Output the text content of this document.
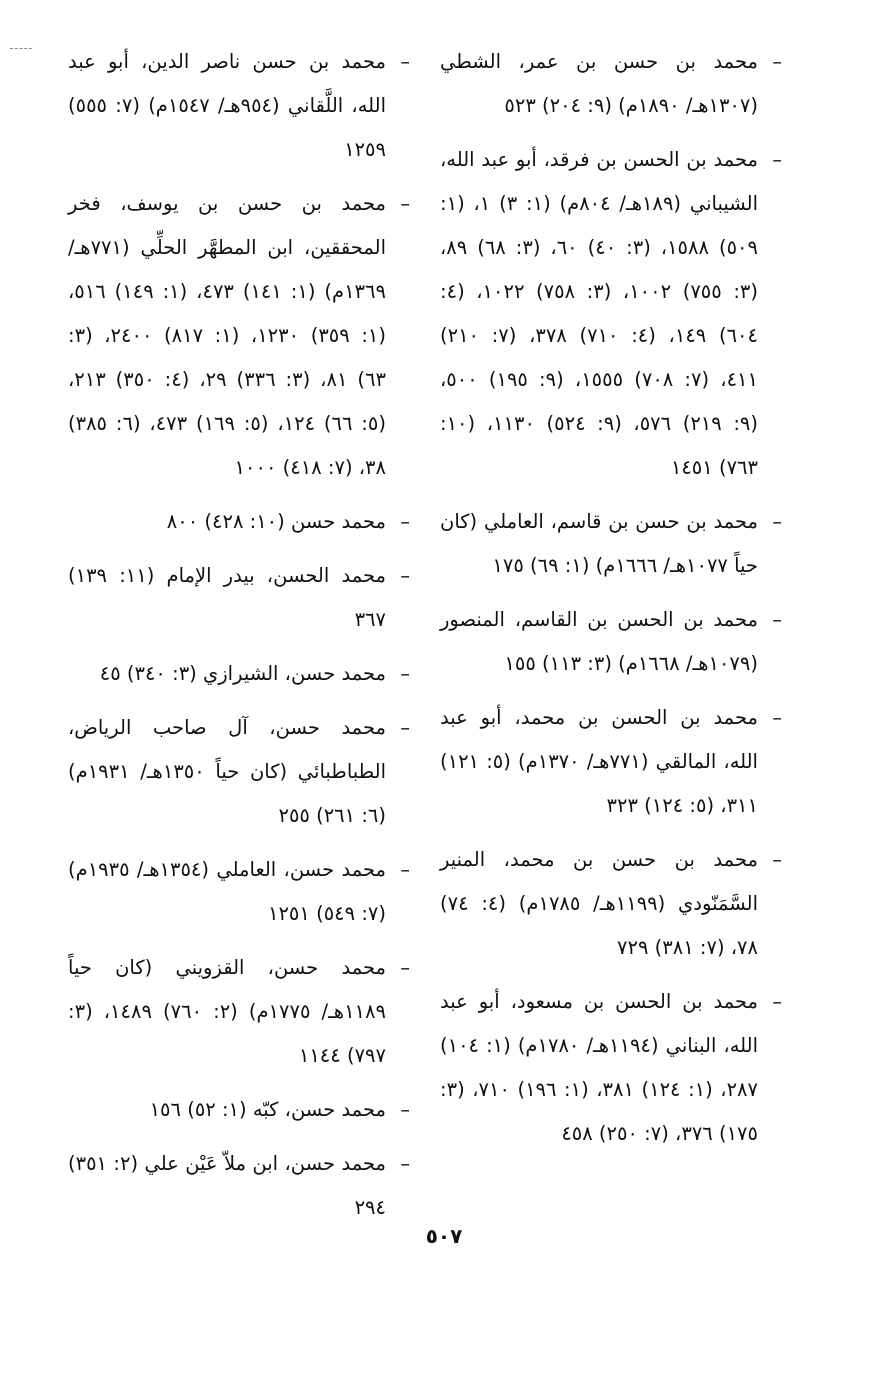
– محمد بن حسن بن عمر، الشطي (١٣٠٧هـ/ ١٨٩٠م) (٩: ٢٠٤) ٥٢٣
– محمد بن الحسن بن فرقد، أبو عبد الله، الشيباني (١٨٩هـ/ ٨٠٤م) (١: ٣) ١، (١: ٥٠٩) ١٥٨٨، (٣: ٤٠) ٦٠، (٣: ٦٨) ٨٩، (٣: ٧٥٥) ١٠٠٢، (٣: ٧٥٨) ١٠٢٢، (٤: ٦٠٤) ١٤٩، (٤: ٧١٠) ٣٧٨، (٧: ٢١٠) ٤١١، (٧: ٧٠٨) ١٥٥٥، (٩: ١٩٥) ٥٠٠، (٩: ٢١٩) ٥٧٦، (٩: ٥٢٤) ١١٣٠، (١٠: ٧٦٣) ١٤٥١
– محمد بن حسن بن قاسم، العاملي (كان حياً ١٠٧٧هـ/ ١٦٦٦م) (١: ٦٩) ١٧٥
– محمد بن الحسن بن القاسم، المنصور (١٠٧٩هـ/ ١٦٦٨م) (٣: ١١٣) ١٥٥
– محمد بن الحسن بن محمد، أبو عبد الله، المالقي (٧٧١هـ/ ١٣٧٠م) (٥: ١٢١) ٣١١، (٥: ١٢٤) ٣٢٣
– محمد بن حسن بن محمد، المنير السَّمَنّودي (١١٩٩هـ/ ١٧٨٥م) (٤: ٧٤) ٧٨، (٧: ٣٨١) ٧٢٩
– محمد بن الحسن بن مسعود، أبو عبد الله، البناني (١١٩٤هـ/ ١٧٨٠م) (١: ١٠٤) ٢٨٧، (١: ١٢٤) ٣٨١، (١: ١٩٦) ٧١٠، (٣: ١٧٥) ٣٧٦، (٧: ٢٥٠) ٤٥٨
– محمد بن حسن ناصر الدين، أبو عبد الله، اللَّقاني (٩٥٤هـ/ ١٥٤٧م) (٧: ٥٥٥) ١٢٥٩
– محمد بن حسن بن يوسف، فخر المحققين، ابن المطهَّر الحلِّي (٧٧١هـ/ ١٣٦٩م) (١: ١٤١) ٤٧٣، (١: ١٤٩) ٥١٦، (١: ٣٥٩) ١٢٣٠، (١: ٨١٧) ٢٤٠٠، (٣: ٦٣) ٨١، (٣: ٣٣٦) ٢٩، (٤: ٣٥٠) ٢١٣، (٥: ٦٦) ١٢٤، (٥: ١٦٩) ٤٧٣، (٦: ٣٨٥) ٣٨، (٧: ٤١٨) ١٠٠٠
– محمد حسن (١٠: ٤٢٨) ٨٠٠
– محمد الحسن، بيدر الإمام (١١: ١٣٩) ٣٦٧
– محمد حسن، الشيرازي (٣: ٣٤٠) ٤٥
– محمد حسن، آل صاحب الرياض، الطباطبائي (كان حياً ١٣٥٠هـ/ ١٩٣١م) (٦: ٢٦١) ٢٥٥
– محمد حسن، العاملي (١٣٥٤هـ/ ١٩٣٥م) (٧: ٥٤٩) ١٢٥١
– محمد حسن، القزويني (كان حياً ١١٨٩هـ/ ١٧٧٥م) (٢: ٧٦٠) ١٤٨٩، (٣: ٧٩٧) ١١٤٤
– محمد حسن، كبّه (١: ٥٢) ١٥٦
– محمد حسن، ابن ملاّ عَيْن علي (٢: ٣٥١) ٢٩٤
٥٠٧
